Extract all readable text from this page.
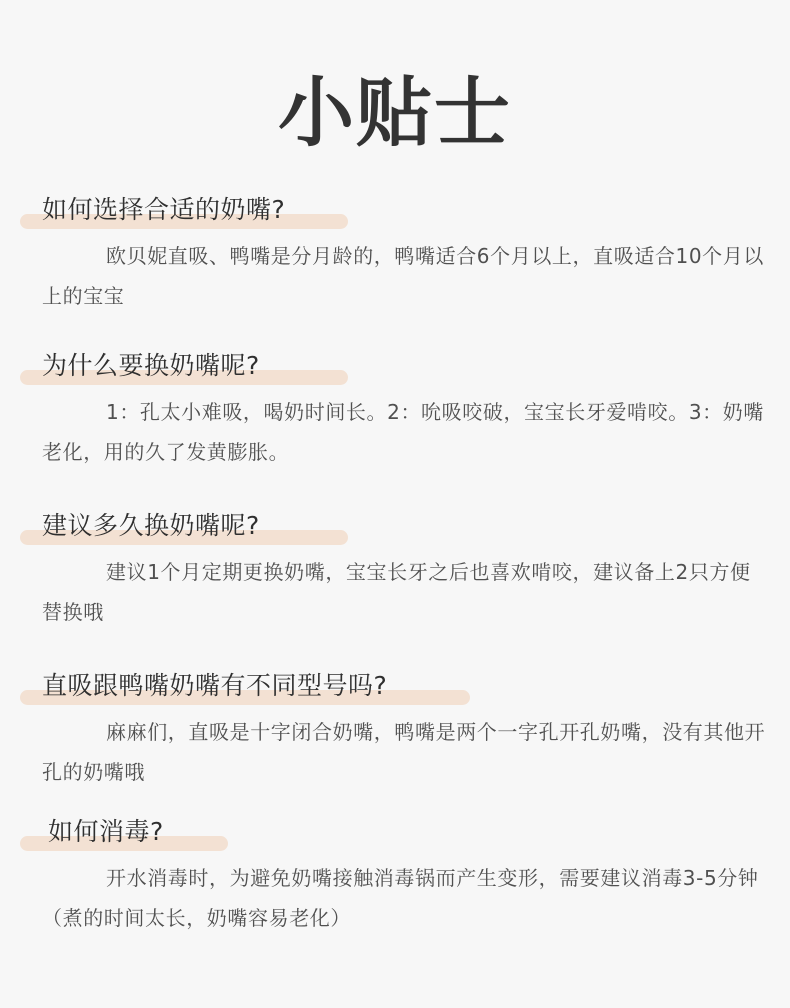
小贴士
如何选择合适的奶嘴?

欧贝妮直吸、鸭嘴是分月龄的，鸭嘴适合6个月以上，直吸适合10个月以上的宝宝

为什么要换奶嘴呢?

1：孔太小难吸，喝奶时间长。2：吮吸咬破，宝宝长牙爱啃咬。3：奶嘴老化，用的久了发黄膨胀。

建议多久换奶嘴呢?

建议1个月定期更换奶嘴，宝宝长牙之后也喜欢啃咬，建议备上2只方便替换哦

直吸跟鸭嘴奶嘴有不同型号吗?

麻麻们，直吸是十字闭合奶嘴，鸭嘴是两个一字孔开孔奶嘴，没有其他开孔的奶嘴哦

如何消毒?

开水消毒时，为避免奶嘴接触消毒锅而产生变形，需要建议消毒3-5分钟（煮的时间太长，奶嘴容易老化）
